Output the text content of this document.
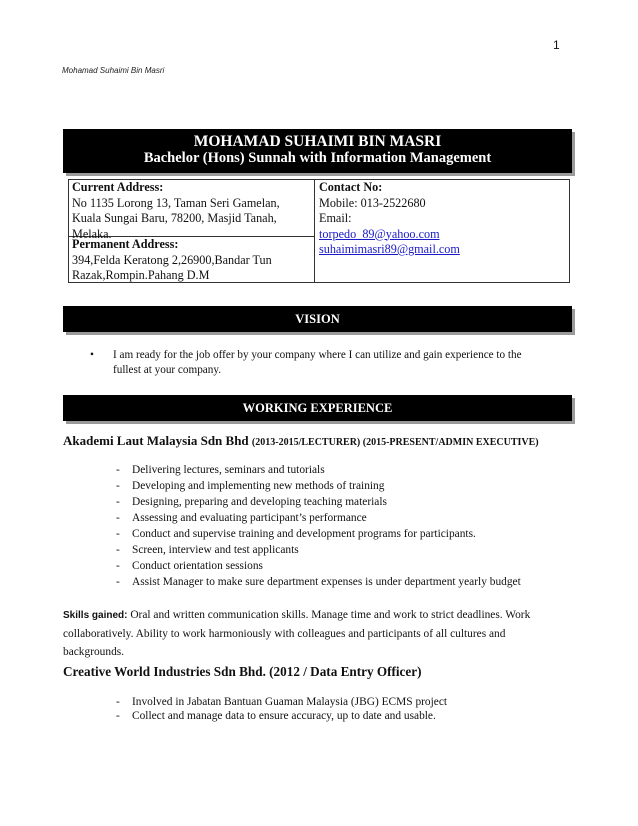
1
Mohamad Suhaimi Bin Masri
MOHAMAD SUHAIMI BIN MASRI
Bachelor (Hons) Sunnah with Information Management
Current Address:
No 1135 Lorong 13, Taman Seri Gamelan,
Kuala Sungai Baru, 78200, Masjid Tanah,
Melaka.
Permanent Address:
394,Felda Keratong 2,26900,Bandar Tun
Razak,Rompin.Pahang D.M
Contact No:
Mobile: 013-2522680
Email:
torpedo_89@yahoo.com
suhaimimasri89@gmail.com
VISION
• I am ready for the job offer by your company where I can utilize and gain experience to the
fullest at your company.
WORKING EXPERIENCE
Akademi Laut Malaysia Sdn Bhd (2013-2015/LECTURER) (2015-PRESENT/ADMIN EXECUTIVE)
- Delivering lectures, seminars and tutorials
- Developing and implementing new methods of training
- Designing, preparing and developing teaching materials
- Assessing and evaluating participant’s performance
- Conduct and supervise training and development programs for participants.
- Screen, interview and test applicants
- Conduct orientation sessions
- Assist Manager to make sure department expenses is under department yearly budget
Skills gained: Oral and written communication skills. Manage time and work to strict deadlines. Work
collaboratively. Ability to work harmoniously with colleagues and participants of all cultures and
backgrounds.
Creative World Industries Sdn Bhd. (2012 / Data Entry Officer)
- Involved in Jabatan Bantuan Guaman Malaysia (JBG) ECMS project
- Collect and manage data to ensure accuracy, up to date and usable.
